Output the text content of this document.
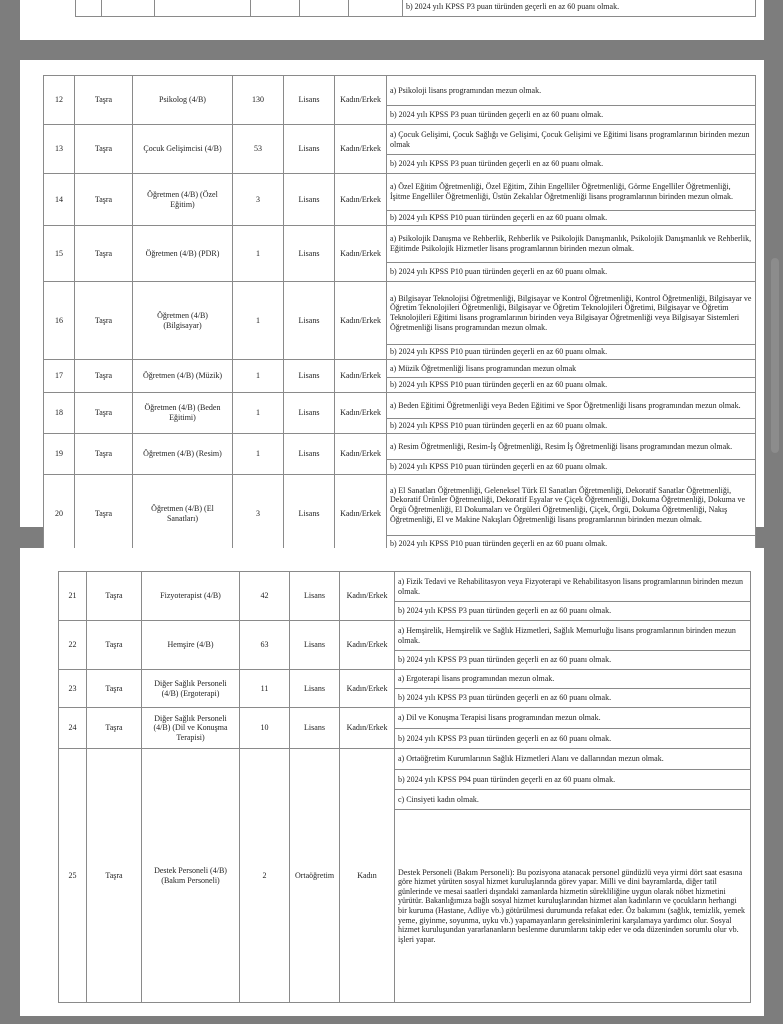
						b) 2024 yılı KPSS P3 puan türünden geçerli en az 60 puanı olmak.
12	Taşra	Psikolog (4/B)	130	Lisans	Kadın/Erkek	a) Psikoloji lisans programından mezun olmak.
						b) 2024 yılı KPSS P3 puan türünden geçerli en az 60 puanı olmak.
13	Taşra	Çocuk Gelişimcisi (4/B)	53	Lisans	Kadın/Erkek	a) Çocuk Gelişimi, Çocuk Sağlığı ve Gelişimi, Çocuk Gelişimi ve Eğitimi lisans programlarının birinden mezun olmak
						b) 2024 yılı KPSS P3 puan türünden geçerli en az 60 puanı olmak.
14	Taşra	Öğretmen (4/B) (Özel Eğitim)	3	Lisans	Kadın/Erkek	a) Özel Eğitim Öğretmenliği, Özel Eğitim, Zihin Engelliler Öğretmenliği, Görme Engelliler Öğretmenliği, İşitme Engelliler Öğretmenliği, Üstün Zekalılar Öğretmenliği lisans programlarının birinden mezun olmak.
						b) 2024 yılı KPSS P10 puan türünden geçerli en az 60 puanı olmak.
15	Taşra	Öğretmen (4/B) (PDR)	1	Lisans	Kadın/Erkek	a) Psikolojik Danışma ve Rehberlik, Rehberlik ve Psikolojik Danışmanlık, Psikolojik Danışmanlık ve Rehberlik, Eğitimde Psikolojik Hizmetler lisans programlarının birinden mezun olmak.
						b) 2024 yılı KPSS P10 puan türünden geçerli en az 60 puanı olmak.
16	Taşra	Öğretmen (4/B) (Bilgisayar)	1	Lisans	Kadın/Erkek	a) Bilgisayar Teknolojisi Öğretmenliği, Bilgisayar ve Kontrol Öğretmenliği, Kontrol Öğretmenliği, Bilgisayar ve Öğretim Teknolojileri Öğretmenliği, Bilgisayar ve Öğretim Teknolojileri Öğretimi, Bilgisayar ve Öğretim Teknolojileri Eğitimi lisans programlarının birinden veya Bilgisayar Öğretmenliği veya Bilgisayar Sistemleri Öğretmenliği lisans programından mezun olmak.
						b) 2024 yılı KPSS P10 puan türünden geçerli en az 60 puanı olmak.
17	Taşra	Öğretmen (4/B) (Müzik)	1	Lisans	Kadın/Erkek	a) Müzik Öğretmenliği lisans programından mezun olmak
						b) 2024 yılı KPSS P10 puan türünden geçerli en az 60 puanı olmak.
18	Taşra	Öğretmen (4/B) (Beden Eğitimi)	1	Lisans	Kadın/Erkek	a) Beden Eğitimi Öğretmenliği veya Beden Eğitimi ve Spor Öğretmenliği lisans programından mezun olmak.
						b) 2024 yılı KPSS P10 puan türünden geçerli en az 60 puanı olmak.
19	Taşra	Öğretmen (4/B) (Resim)	1	Lisans	Kadın/Erkek	a) Resim Öğretmenliği, Resim-İş Öğretmenliği, Resim İş Öğretmenliği lisans programından mezun olmak.
						b) 2024 yılı KPSS P10 puan türünden geçerli en az 60 puanı olmak.
20	Taşra	Öğretmen (4/B) (El Sanatları)	3	Lisans	Kadın/Erkek	a) El Sanatları Öğretmenliği, Geleneksel Türk El Sanatları Öğretmenliği, Dekoratif Sanatlar Öğretmenliği, Dekoratif Ürünler Öğretmenliği, Dekoratif Eşyalar ve Çiçek Öğretmenliği, Dokuma Öğretmenliği, Dokuma ve Örgü Öğretmenliği, El Dokumaları ve Örgüleri Öğretmenliği, Çiçek, Örgü, Dokuma Öğretmenliği, Nakış Öğretmenliği, El ve Makine Nakışları Öğretmenliği lisans programlarının birinden mezun olmak.
						b) 2024 yılı KPSS P10 puan türünden geçerli en az 60 puanı olmak.
21	Taşra	Fizyoterapist (4/B)	42	Lisans	Kadın/Erkek	a) Fizik Tedavi ve Rehabilitasyon veya Fizyoterapi ve Rehabilitasyon lisans programlarının birinden mezun olmak.
						b) 2024 yılı KPSS P3 puan türünden geçerli en az 60 puanı olmak.
22	Taşra	Hemşire (4/B)	63	Lisans	Kadın/Erkek	a) Hemşirelik, Hemşirelik ve Sağlık Hizmetleri, Sağlık Memurluğu lisans programlarının birinden mezun olmak.
						b) 2024 yılı KPSS P3 puan türünden geçerli en az 60 puanı olmak.
23	Taşra	Diğer Sağlık Personeli (4/B) (Ergoterapi)	11	Lisans	Kadın/Erkek	a) Ergoterapi lisans programından mezun olmak.
						b) 2024 yılı KPSS P3 puan türünden geçerli en az 60 puanı olmak.
24	Taşra	Diğer Sağlık Personeli (4/B) (Dil ve Konuşma Terapisi)	10	Lisans	Kadın/Erkek	a) Dil ve Konuşma Terapisi lisans programından mezun olmak.
						b) 2024 yılı KPSS P3 puan türünden geçerli en az 60 puanı olmak.
25	Taşra	Destek Personeli (4/B) (Bakım Personeli)	2	Ortaöğretim	Kadın	a) Ortaöğretim Kurumlarının Sağlık Hizmetleri Alanı ve dallarından mezun olmak.
						b) 2024 yılı KPSS P94 puan türünden geçerli en az 60 puanı olmak.
						c) Cinsiyeti kadın olmak.
						Destek Personeli (Bakım Personeli): Bu pozisyona atanacak personel gündüzlü veya yirmi dört saat esasına göre hizmet yürüten sosyal hizmet kuruluşlarında görev yapar. Milli ve dini bayramlarda, diğer tatil günlerinde ve mesai saatleri dışındaki zamanlarda hizmetin sürekliliğine uygun olarak nöbet hizmetini yürütür. Bakanlığımıza bağlı sosyal hizmet kuruluşlarından hizmet alan kadınların ve çocukların herhangi bir kuruma (Hastane, Adliye vb.) götürülmesi durumunda refakat eder. Öz bakımını (sağlık, temizlik, yemek yeme, giyinme, soyunma, uyku vb.) yapamayanların gereksinimlerini karşılamaya yardımcı olur. Sosyal hizmet kuruluşundan yararlananların beslenme durumlarını takip eder ve oda düzeninden sorumlu olur vb. işleri yapar.
